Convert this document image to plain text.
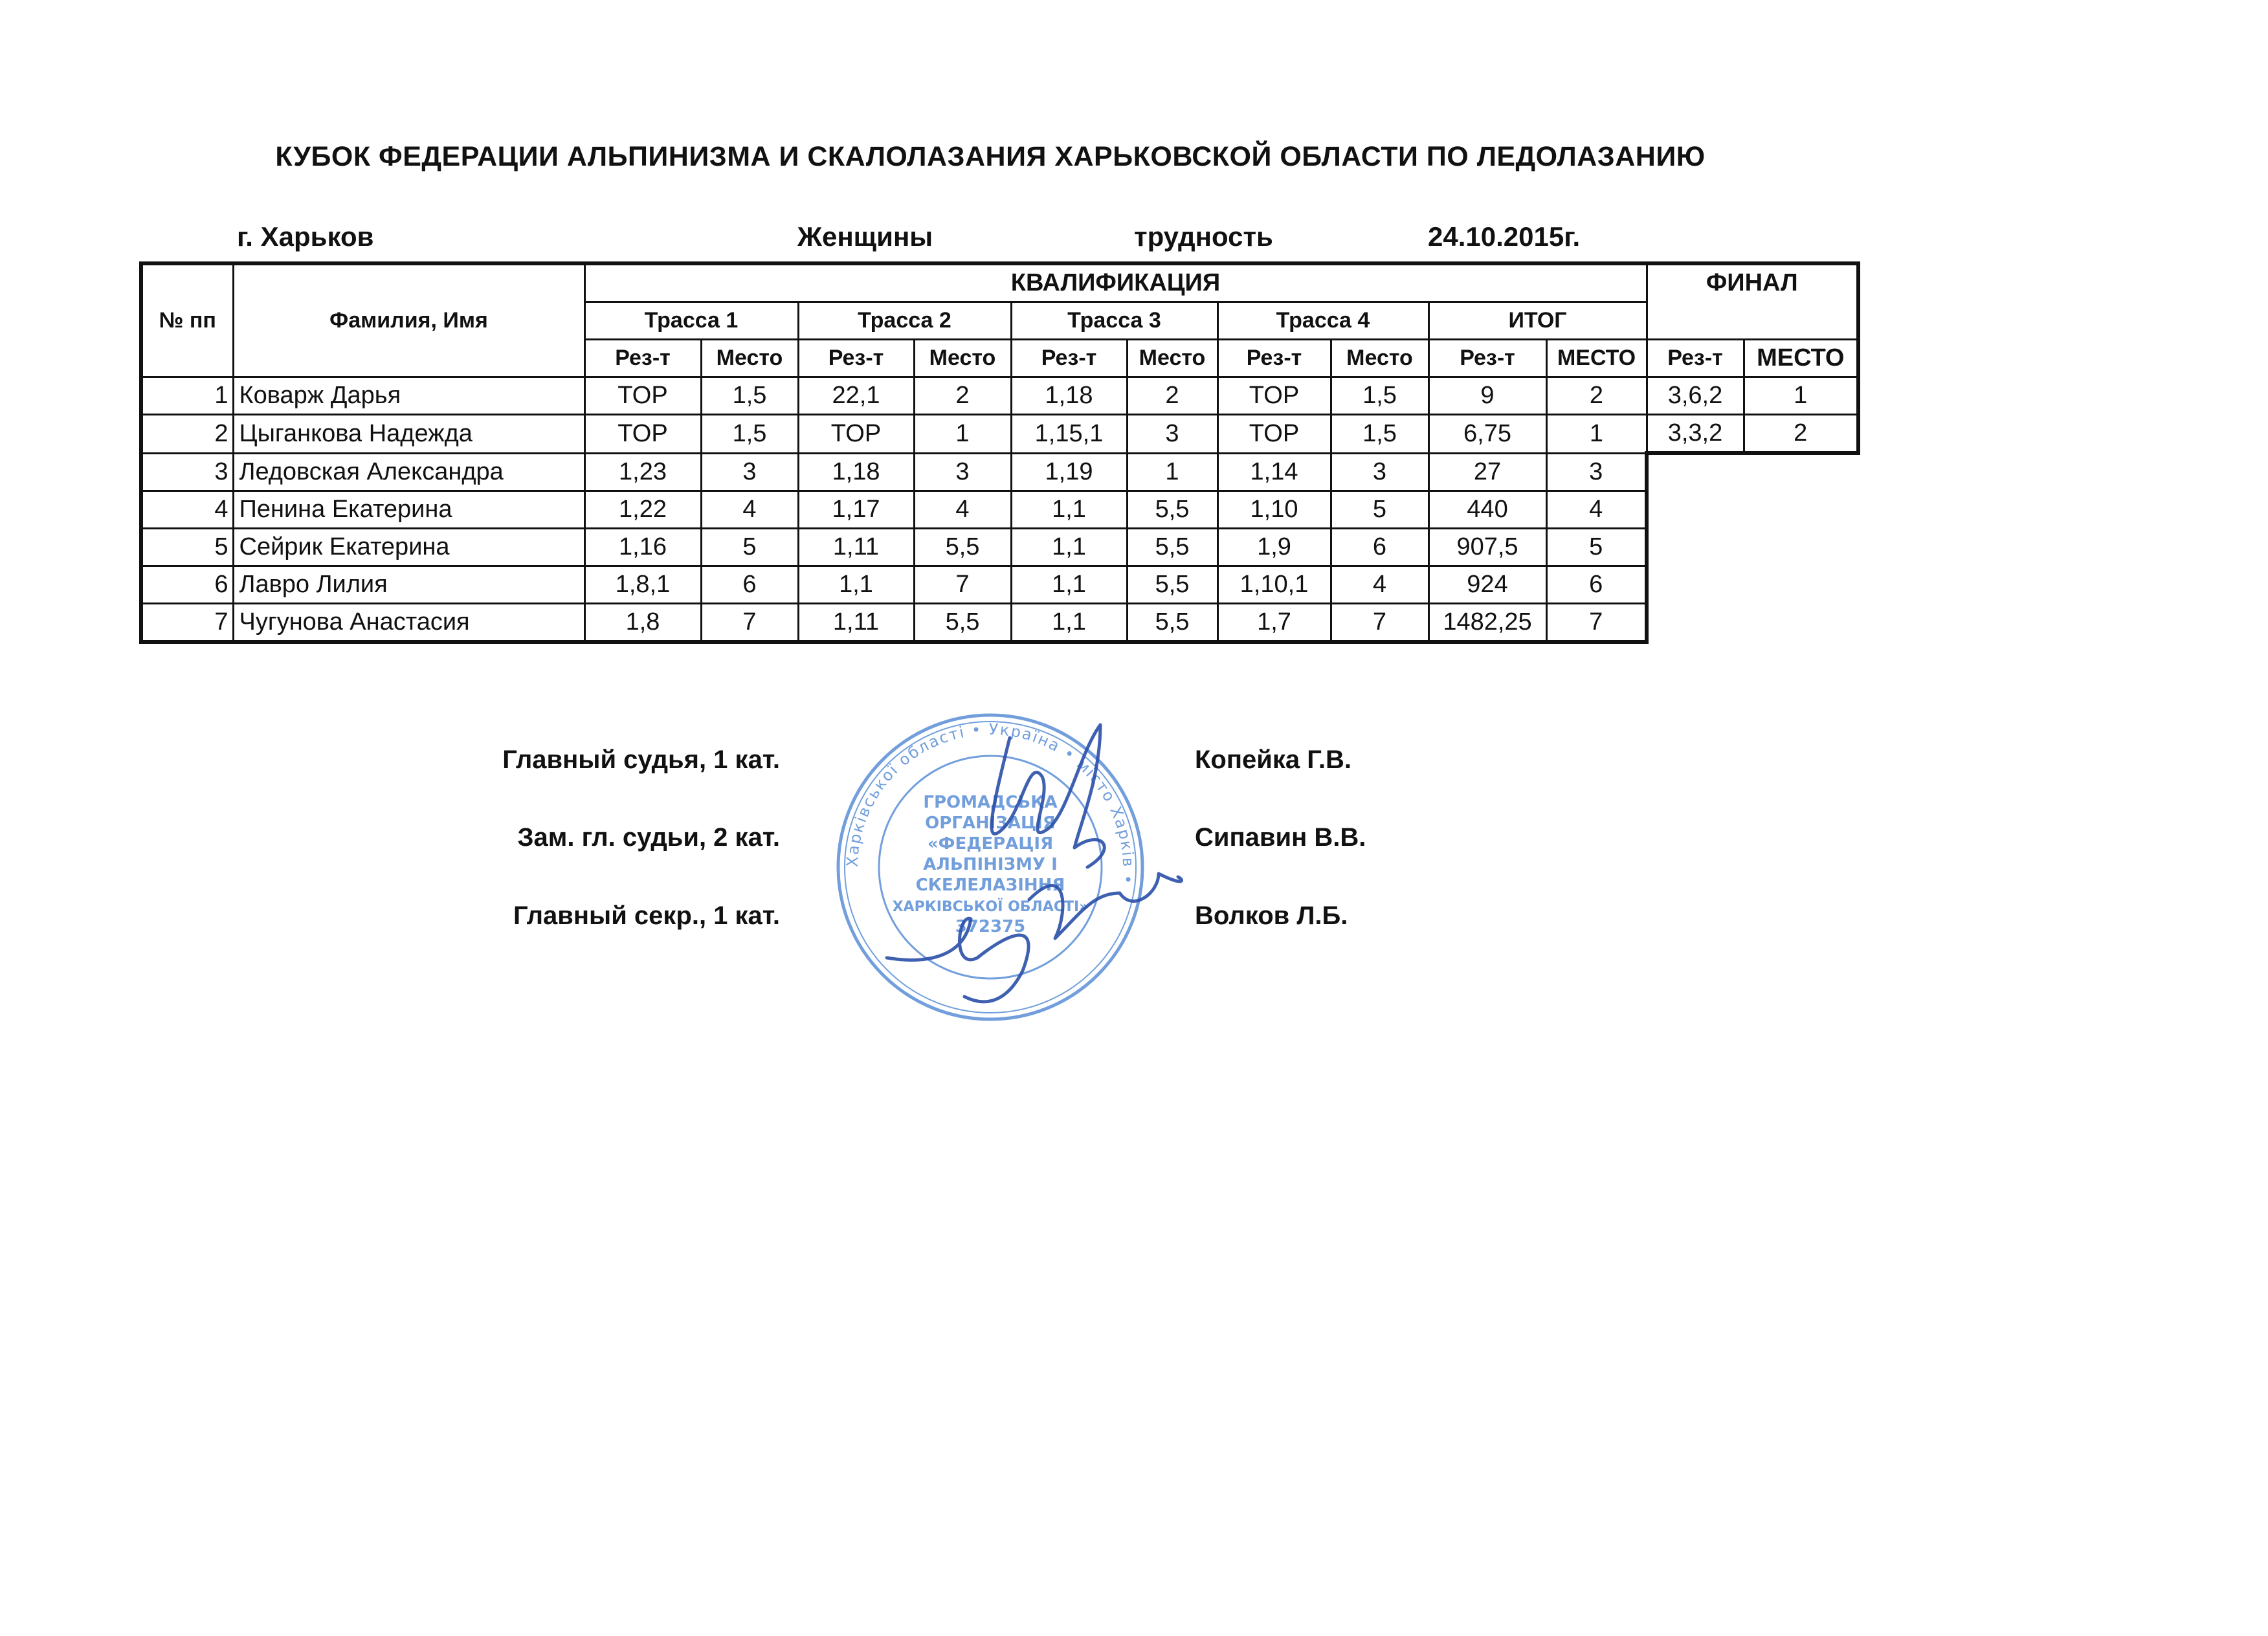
КУБОК ФЕДЕРАЦИИ АЛЬПИНИЗМА И СКАЛОЛАЗАНИЯ ХАРЬКОВСКОЙ ОБЛАСТИ ПО ЛЕДОЛАЗАНИЮ
г. Харьков	Женщины	трудность	24.10.2015г.
№ пп	Фамилия, Имя	КВАЛИФИКАЦИЯ										ФИНАЛ	
		Трасса 1		Трасса 2		Трасса 3		Трасса 4		ИТОГ			
		Рез-т	Место	Рез-т	Место	Рез-т	Место	Рез-т	Место	Рез-т	МЕСТО	Рез-т	МЕСТО
1	Коварж Дарья	TOP	1,5	22,1	2	1,18	2	TOP	1,5	9	2	3,6,2	1
2	Цыганкова Надежда	TOP	1,5	TOP	1	1,15,1	3	TOP	1,5	6,75	1	3,3,2	2
3	Ледовская Александра	1,23	3	1,18	3	1,19	1	1,14	3	27	3		
4	Пенина Екатерина	1,22	4	1,17	4	1,1	5,5	1,10	5	440	4		
5	Сейрик Екатерина	1,16	5	1,11	5,5	1,1	5,5	1,9	6	907,5	5		
6	Лавро Лилия	1,8,1	6	1,1	7	1,1	5,5	1,10,1	4	924	6		
7	Чугунова Анастасия	1,8	7	1,11	5,5	1,1	5,5	1,7	7	1482,25	7		
Главный судья, 1 кат.	Копейка Г.В.
Зам. гл. судьи, 2 кат.	Сипавин В.В.
Главный секр., 1 кат.	Волков Л.Б.
Харківської області • Україна • місто Харків •
ГРОМАДСЬКА
ОРГАНІЗАЦІЯ
«ФЕДЕРАЦІЯ
АЛЬПІНІЗМУ І
СКЕЛЕЛАЗІННЯ
ХАРКІВСЬКОЇ ОБЛАСТІ»
372375
